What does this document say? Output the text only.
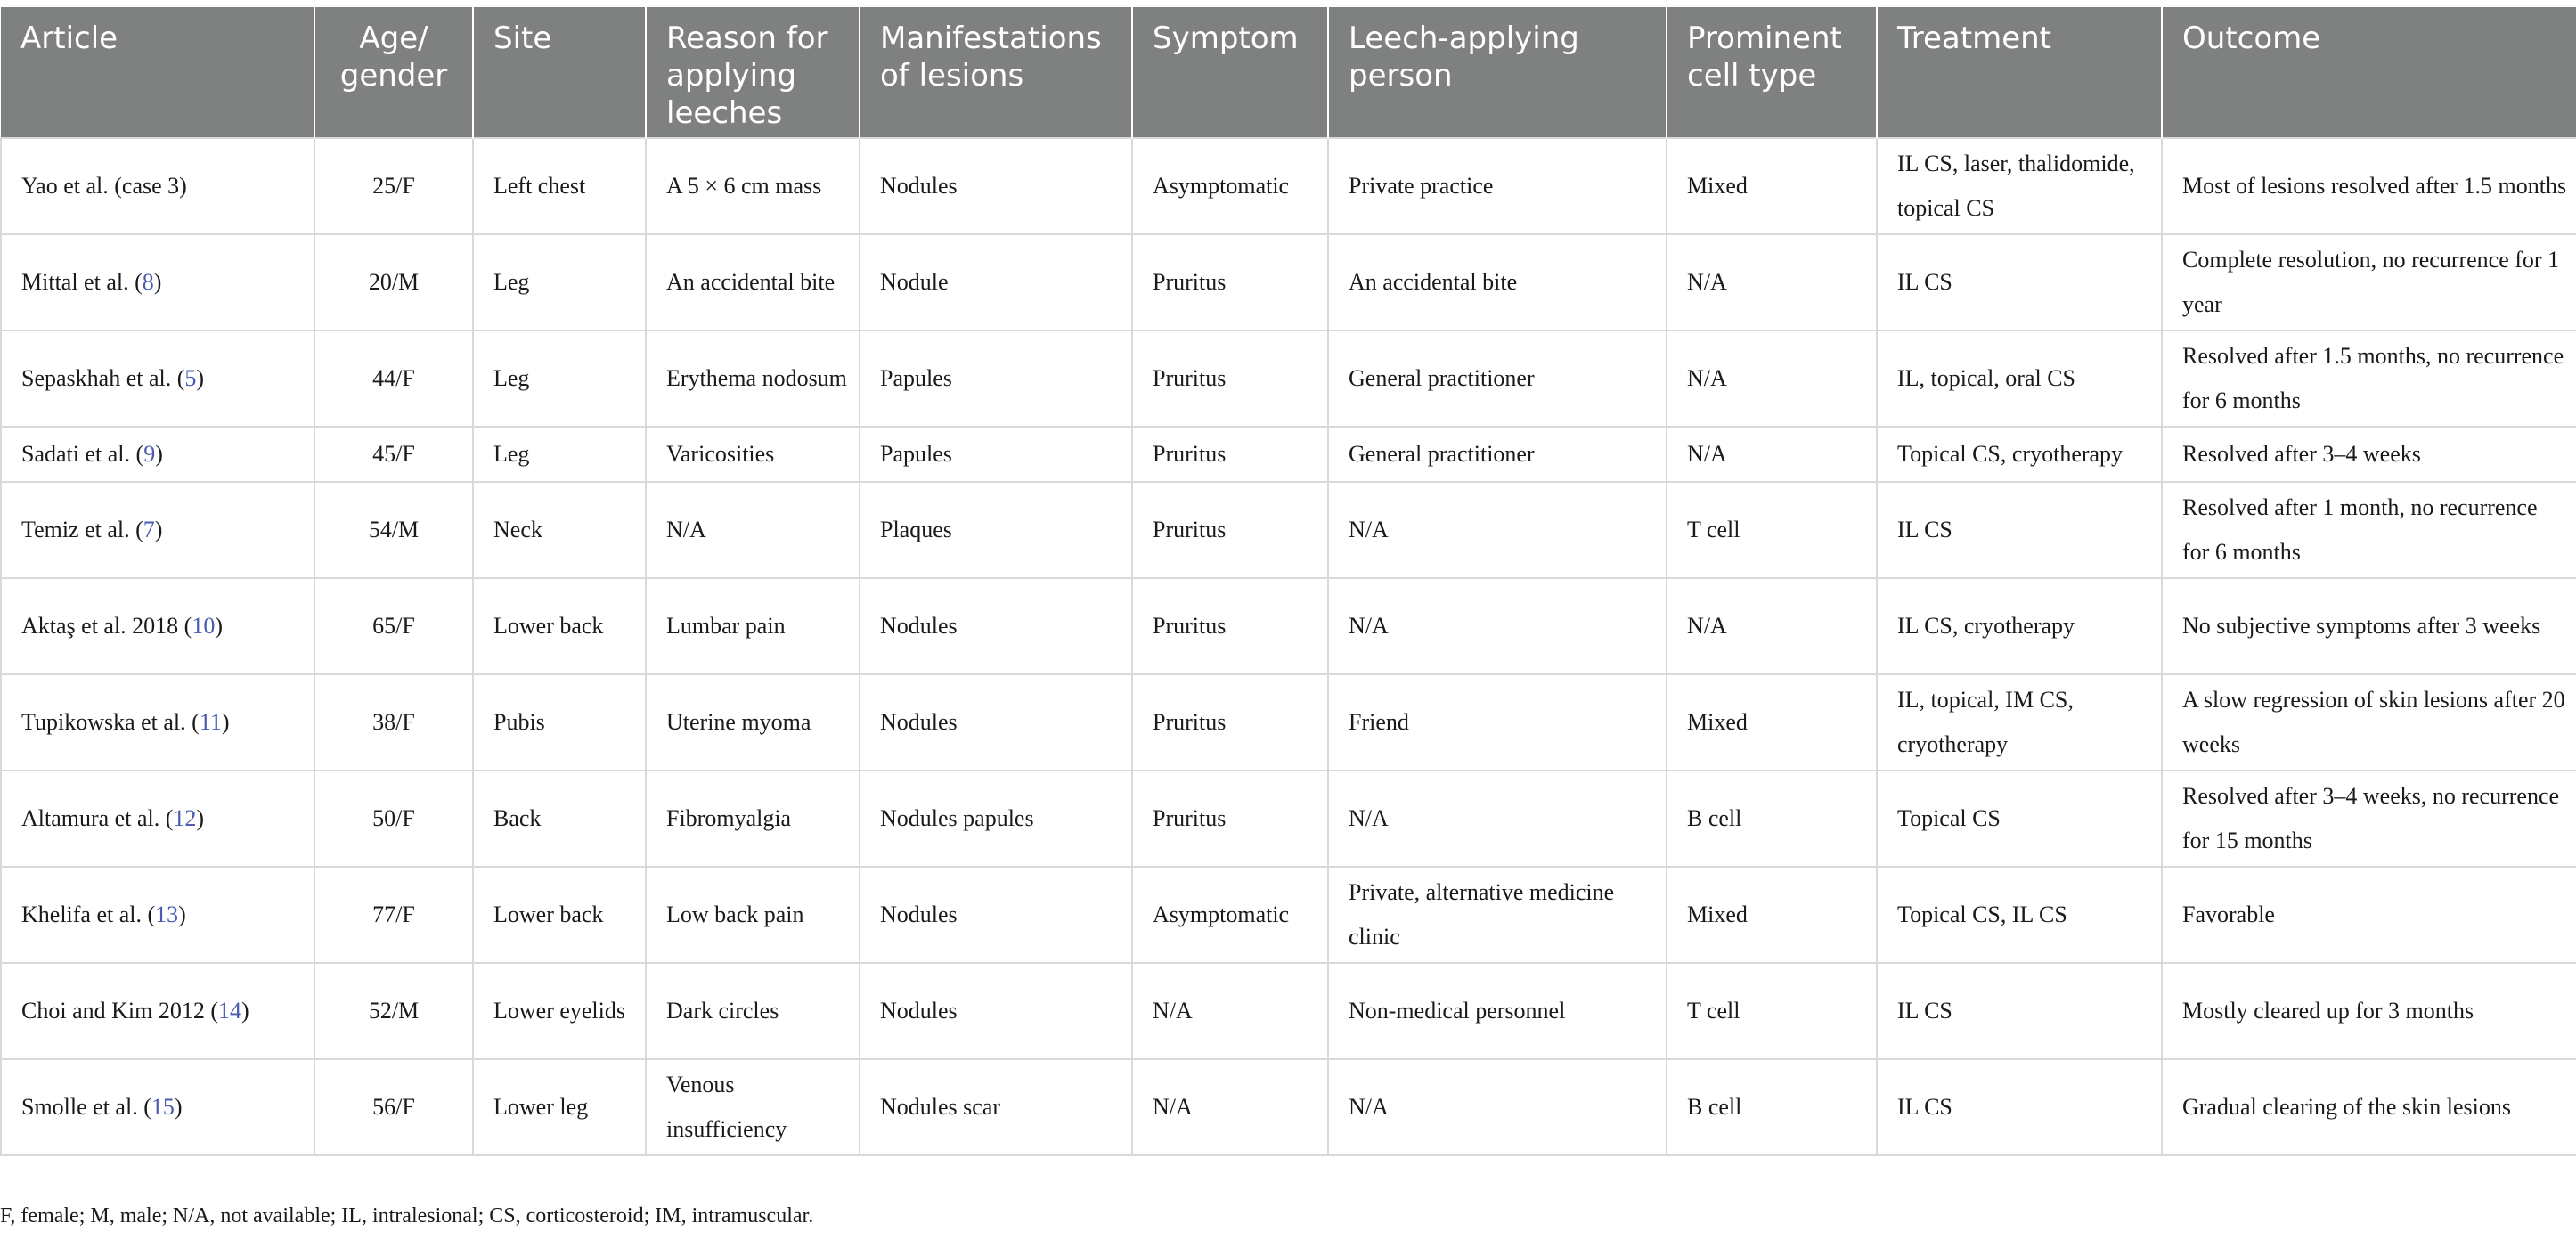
Article	Age/ gender	Site	Reason for applying leeches	Manifestations of lesions	Symptom	Leech-applying person	Prominent cell type	Treatment	Outcome
Yao et al. (case 3)	25/F	Left chest	A 5 × 6 cm mass	Nodules	Asymptomatic	Private practice	Mixed	IL CS, laser, thalidomide, topical CS	Most of lesions resolved after 1.5 months
Mittal et al. (8)	20/M	Leg	An accidental bite	Nodule	Pruritus	An accidental bite	N/A	IL CS	Complete resolution, no recurrence for 1 year
Sepaskhah et al. (5)	44/F	Leg	Erythema nodosum	Papules	Pruritus	General practitioner	N/A	IL, topical, oral CS	Resolved after 1.5 months, no recurrence for 6 months
Sadati et al. (9)	45/F	Leg	Varicosities	Papules	Pruritus	General practitioner	N/A	Topical CS, cryotherapy	Resolved after 3–4 weeks
Temiz et al. (7)	54/M	Neck	N/A	Plaques	Pruritus	N/A	T cell	IL CS	Resolved after 1 month, no recurrence for 6 months
Aktaş et al. 2018 (10)	65/F	Lower back	Lumbar pain	Nodules	Pruritus	N/A	N/A	IL CS, cryotherapy	No subjective symptoms after 3 weeks
Tupikowska et al. (11)	38/F	Pubis	Uterine myoma	Nodules	Pruritus	Friend	Mixed	IL, topical, IM CS, cryotherapy	A slow regression of skin lesions after 20 weeks
Altamura et al. (12)	50/F	Back	Fibromyalgia	Nodules papules	Pruritus	N/A	B cell	Topical CS	Resolved after 3–4 weeks, no recurrence for 15 months
Khelifa et al. (13)	77/F	Lower back	Low back pain	Nodules	Asymptomatic	Private, alternative medicine clinic	Mixed	Topical CS, IL CS	Favorable
Choi and Kim 2012 (14)	52/M	Lower eyelids	Dark circles	Nodules	N/A	Non-medical personnel	T cell	IL CS	Mostly cleared up for 3 months
Smolle et al. (15)	56/F	Lower leg	Venous insufficiency	Nodules scar	N/A	N/A	B cell	IL CS	Gradual clearing of the skin lesions
F, female; M, male; N/A, not available; IL, intralesional; CS, corticosteroid; IM, intramuscular.
